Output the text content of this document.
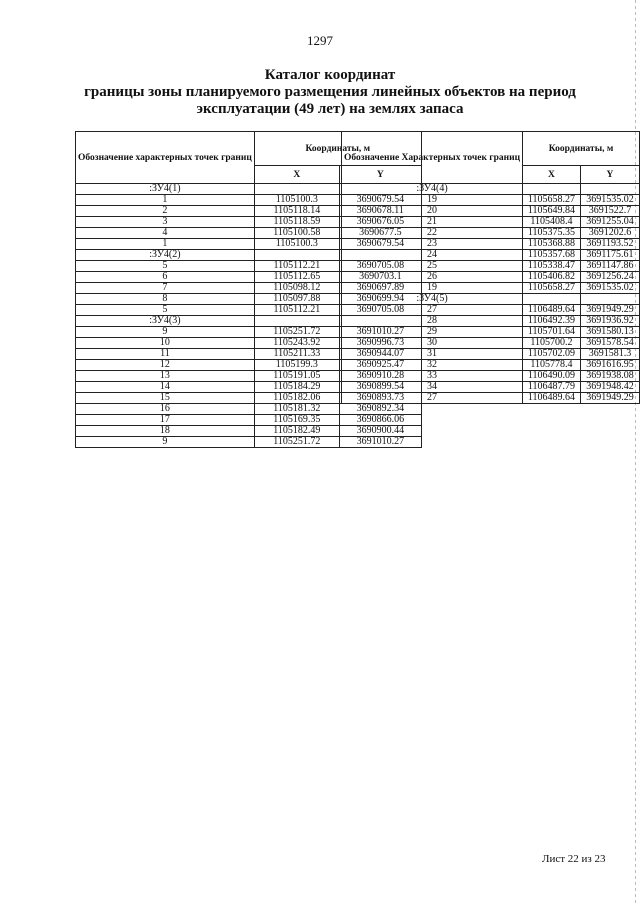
1297
Каталог координат
границы зоны планируемого размещения линейных объектов на период
эксплуатации (49 лет) на землях запаса
Обозначение характерных точек границ	Координаты, м	
	X	Y
:ЗУ4(1)		
1	1105100.3	3690679.54
2	1105118.14	3690678.11
3	1105118.59	3690676.05
4	1105100.58	3690677.5
1	1105100.3	3690679.54
:ЗУ4(2)		
5	1105112.21	3690705.08
6	1105112.65	3690703.1
7	1105098.12	3690697.89
8	1105097.88	3690699.94
5	1105112.21	3690705.08
:ЗУ4(3)		
9	1105251.72	3691010.27
10	1105243.92	3690996.73
11	1105211.33	3690944.07
12	1105199.3	3690925.47
13	1105191.05	3690910.28
14	1105184.29	3690899.54
15	1105182.06	3690893.73
16	1105181.32	3690892.34
17	1105169.35	3690866.06
18	1105182.49	3690900.44
9	1105251.72	3691010.27
Обозначение Характерных точек границ	Координаты, м	
	X	Y
:ЗУ4(4)		
19	1105658.27	3691535.02
20	1105649.84	3691522.7
21	1105408.4	3691255.04
22	1105375.35	3691202.6
23	1105368.88	3691193.52
24	1105357.68	3691175.61
25	1105338.47	3691147.86
26	1105406.82	3691256.24
19	1105658.27	3691535.02
:ЗУ4(5)		
27	1106489.64	3691949.29
28	1106492.39	3691936.92
29	1105701.64	3691580.13
30	1105700.2	3691578.54
31	1105702.09	3691581.3
32	1105778.4	3691616.95
33	1106490.09	3691938.08
34	1106487.79	3691948.42
27	1106489.64	3691949.29
Лист 22 из 23
